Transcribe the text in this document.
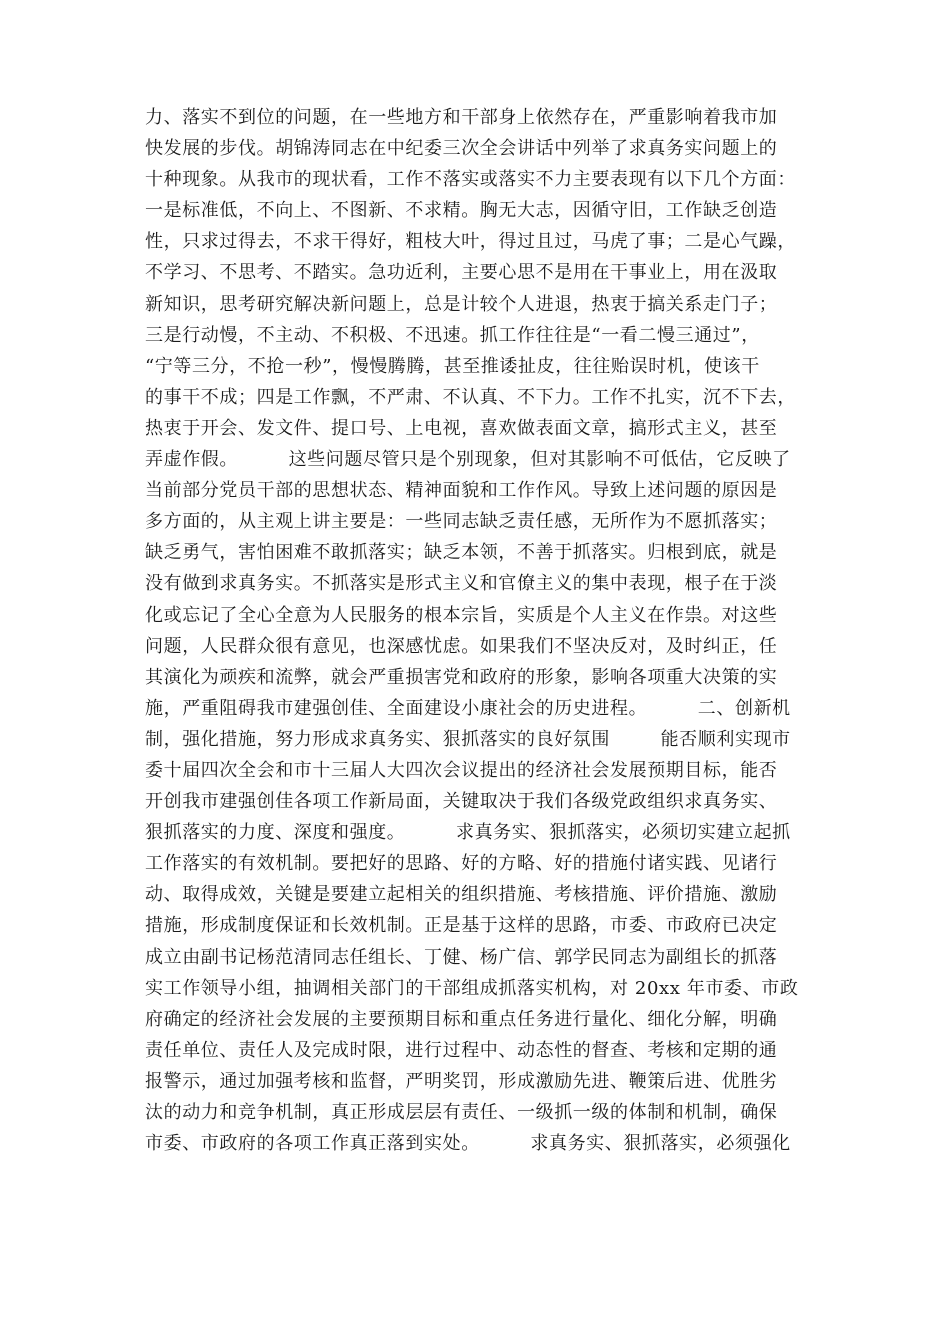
力、落实不到位的问题，在一些地方和干部身上依然存在，严重影响着我市加
快发展的步伐。胡锦涛同志在中纪委三次全会讲话中列举了求真务实问题上的
十种现象。从我市的现状看，工作不落实或落实不力主要表现有以下几个方面：
一是标准低，不向上、不图新、不求精。胸无大志，因循守旧，工作缺乏创造
性，只求过得去，不求干得好，粗枝大叶，得过且过，马虎了事；二是心气躁，
不学习、不思考、不踏实。急功近利，主要心思不是用在干事业上，用在汲取
新知识，思考研究解决新问题上，总是计较个人进退，热衷于搞关系走门子；
三是行动慢，不主动、不积极、不迅速。抓工作往往是“一看二慢三通过”，
“宁等三分，不抢一秒”，慢慢腾腾，甚至推诿扯皮，往往贻误时机，使该干
的事干不成；四是工作飘，不严肃、不认真、不下力。工作不扎实，沉不下去，
热衷于开会、发文件、提口号、上电视，喜欢做表面文章，搞形式主义，甚至
弄虚作假。        这些问题尽管只是个别现象，但对其影响不可低估，它反映了
当前部分党员干部的思想状态、精神面貌和工作作风。导致上述问题的原因是
多方面的，从主观上讲主要是：一些同志缺乏责任感，无所作为不愿抓落实；
缺乏勇气，害怕困难不敢抓落实；缺乏本领，不善于抓落实。归根到底，就是
没有做到求真务实。不抓落实是形式主义和官僚主义的集中表现，根子在于淡
化或忘记了全心全意为人民服务的根本宗旨，实质是个人主义在作祟。对这些
问题，人民群众很有意见，也深感忧虑。如果我们不坚决反对，及时纠正，任
其演化为顽疾和流弊，就会严重损害党和政府的形象，影响各项重大决策的实
施，严重阻碍我市建强创佳、全面建设小康社会的历史进程。        二、创新机
制，强化措施，努力形成求真务实、狠抓落实的良好氛围        能否顺利实现市
委十届四次全会和市十三届人大四次会议提出的经济社会发展预期目标，能否
开创我市建强创佳各项工作新局面，关键取决于我们各级党政组织求真务实、
狠抓落实的力度、深度和强度。        求真务实、狠抓落实，必须切实建立起抓
工作落实的有效机制。要把好的思路、好的方略、好的措施付诸实践、见诸行
动、取得成效，关键是要建立起相关的组织措施、考核措施、评价措施、激励
措施，形成制度保证和长效机制。正是基于这样的思路，市委、市政府已决定
成立由副书记杨范清同志任组长、丁健、杨广信、郭学民同志为副组长的抓落
实工作领导小组，抽调相关部门的干部组成抓落实机构，对 20xx 年市委、市政
府确定的经济社会发展的主要预期目标和重点任务进行量化、细化分解，明确
责任单位、责任人及完成时限，进行过程中、动态性的督查、考核和定期的通
报警示，通过加强考核和监督，严明奖罚，形成激励先进、鞭策后进、优胜劣
汰的动力和竞争机制，真正形成层层有责任、一级抓一级的体制和机制，确保
市委、市政府的各项工作真正落到实处。        求真务实、狠抓落实，必须强化
